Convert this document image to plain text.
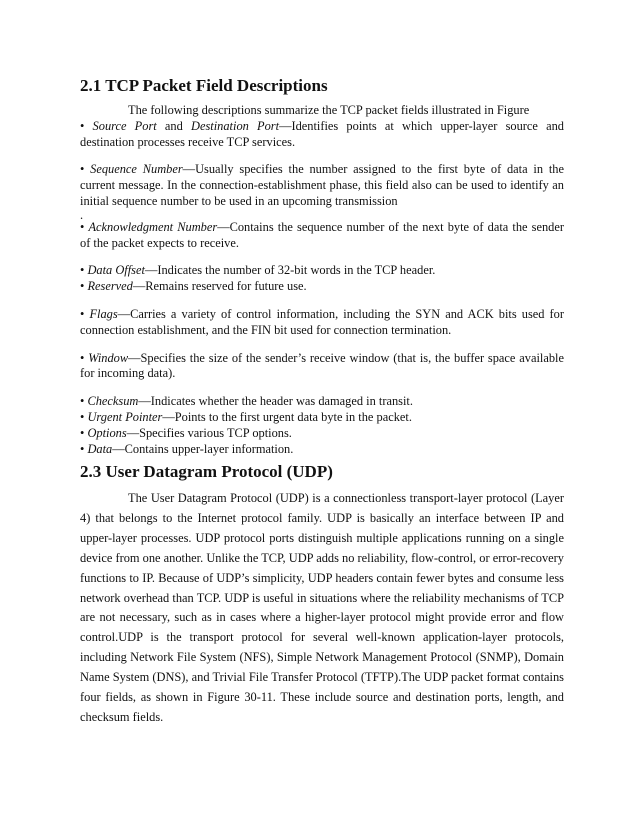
2.1 TCP Packet Field Descriptions

The following descriptions summarize the TCP packet fields illustrated in Figure

• Source Port and Destination Port—Identifies points at which upper-layer source and destination processes receive TCP services.

• Sequence Number—Usually specifies the number assigned to the first byte of data in the current message. In the connection-establishment phase, this field also can be used to identify an initial sequence number to be used in an upcoming transmission

.

• Acknowledgment Number—Contains the sequence number of the next byte of data the sender of the packet expects to receive.

• Data Offset—Indicates the number of 32-bit words in the TCP header.

• Reserved—Remains reserved for future use.

• Flags—Carries a variety of control information, including the SYN and ACK bits used for connection establishment, and the FIN bit used for connection termination.

• Window—Specifies the size of the sender’s receive window (that is, the buffer space available for incoming data).

• Checksum—Indicates whether the header was damaged in transit.

• Urgent Pointer—Points to the first urgent data byte in the packet.

• Options—Specifies various TCP options.

• Data—Contains upper-layer information.

2.3 User Datagram Protocol (UDP)

The User Datagram Protocol (UDP) is a connectionless transport-layer protocol (Layer 4) that belongs to the Internet protocol family. UDP is basically an interface between IP and upper-layer processes. UDP protocol ports distinguish multiple applications running on a single device from one another. Unlike the TCP, UDP adds no reliability, flow-control, or error-recovery functions to IP. Because of UDP’s simplicity, UDP headers contain fewer bytes and consume less network overhead than TCP. UDP is useful in situations where the reliability mechanisms of TCP are not necessary, such as in cases where a higher-layer protocol might provide error and flow control.UDP is the transport protocol for several well-known application-layer protocols, including Network File System (NFS), Simple Network Management Protocol (SNMP), Domain Name System (DNS), and Trivial File Transfer Protocol (TFTP).The UDP packet format contains four fields, as shown in Figure 30-11. These include source and destination ports, length, and checksum fields.
